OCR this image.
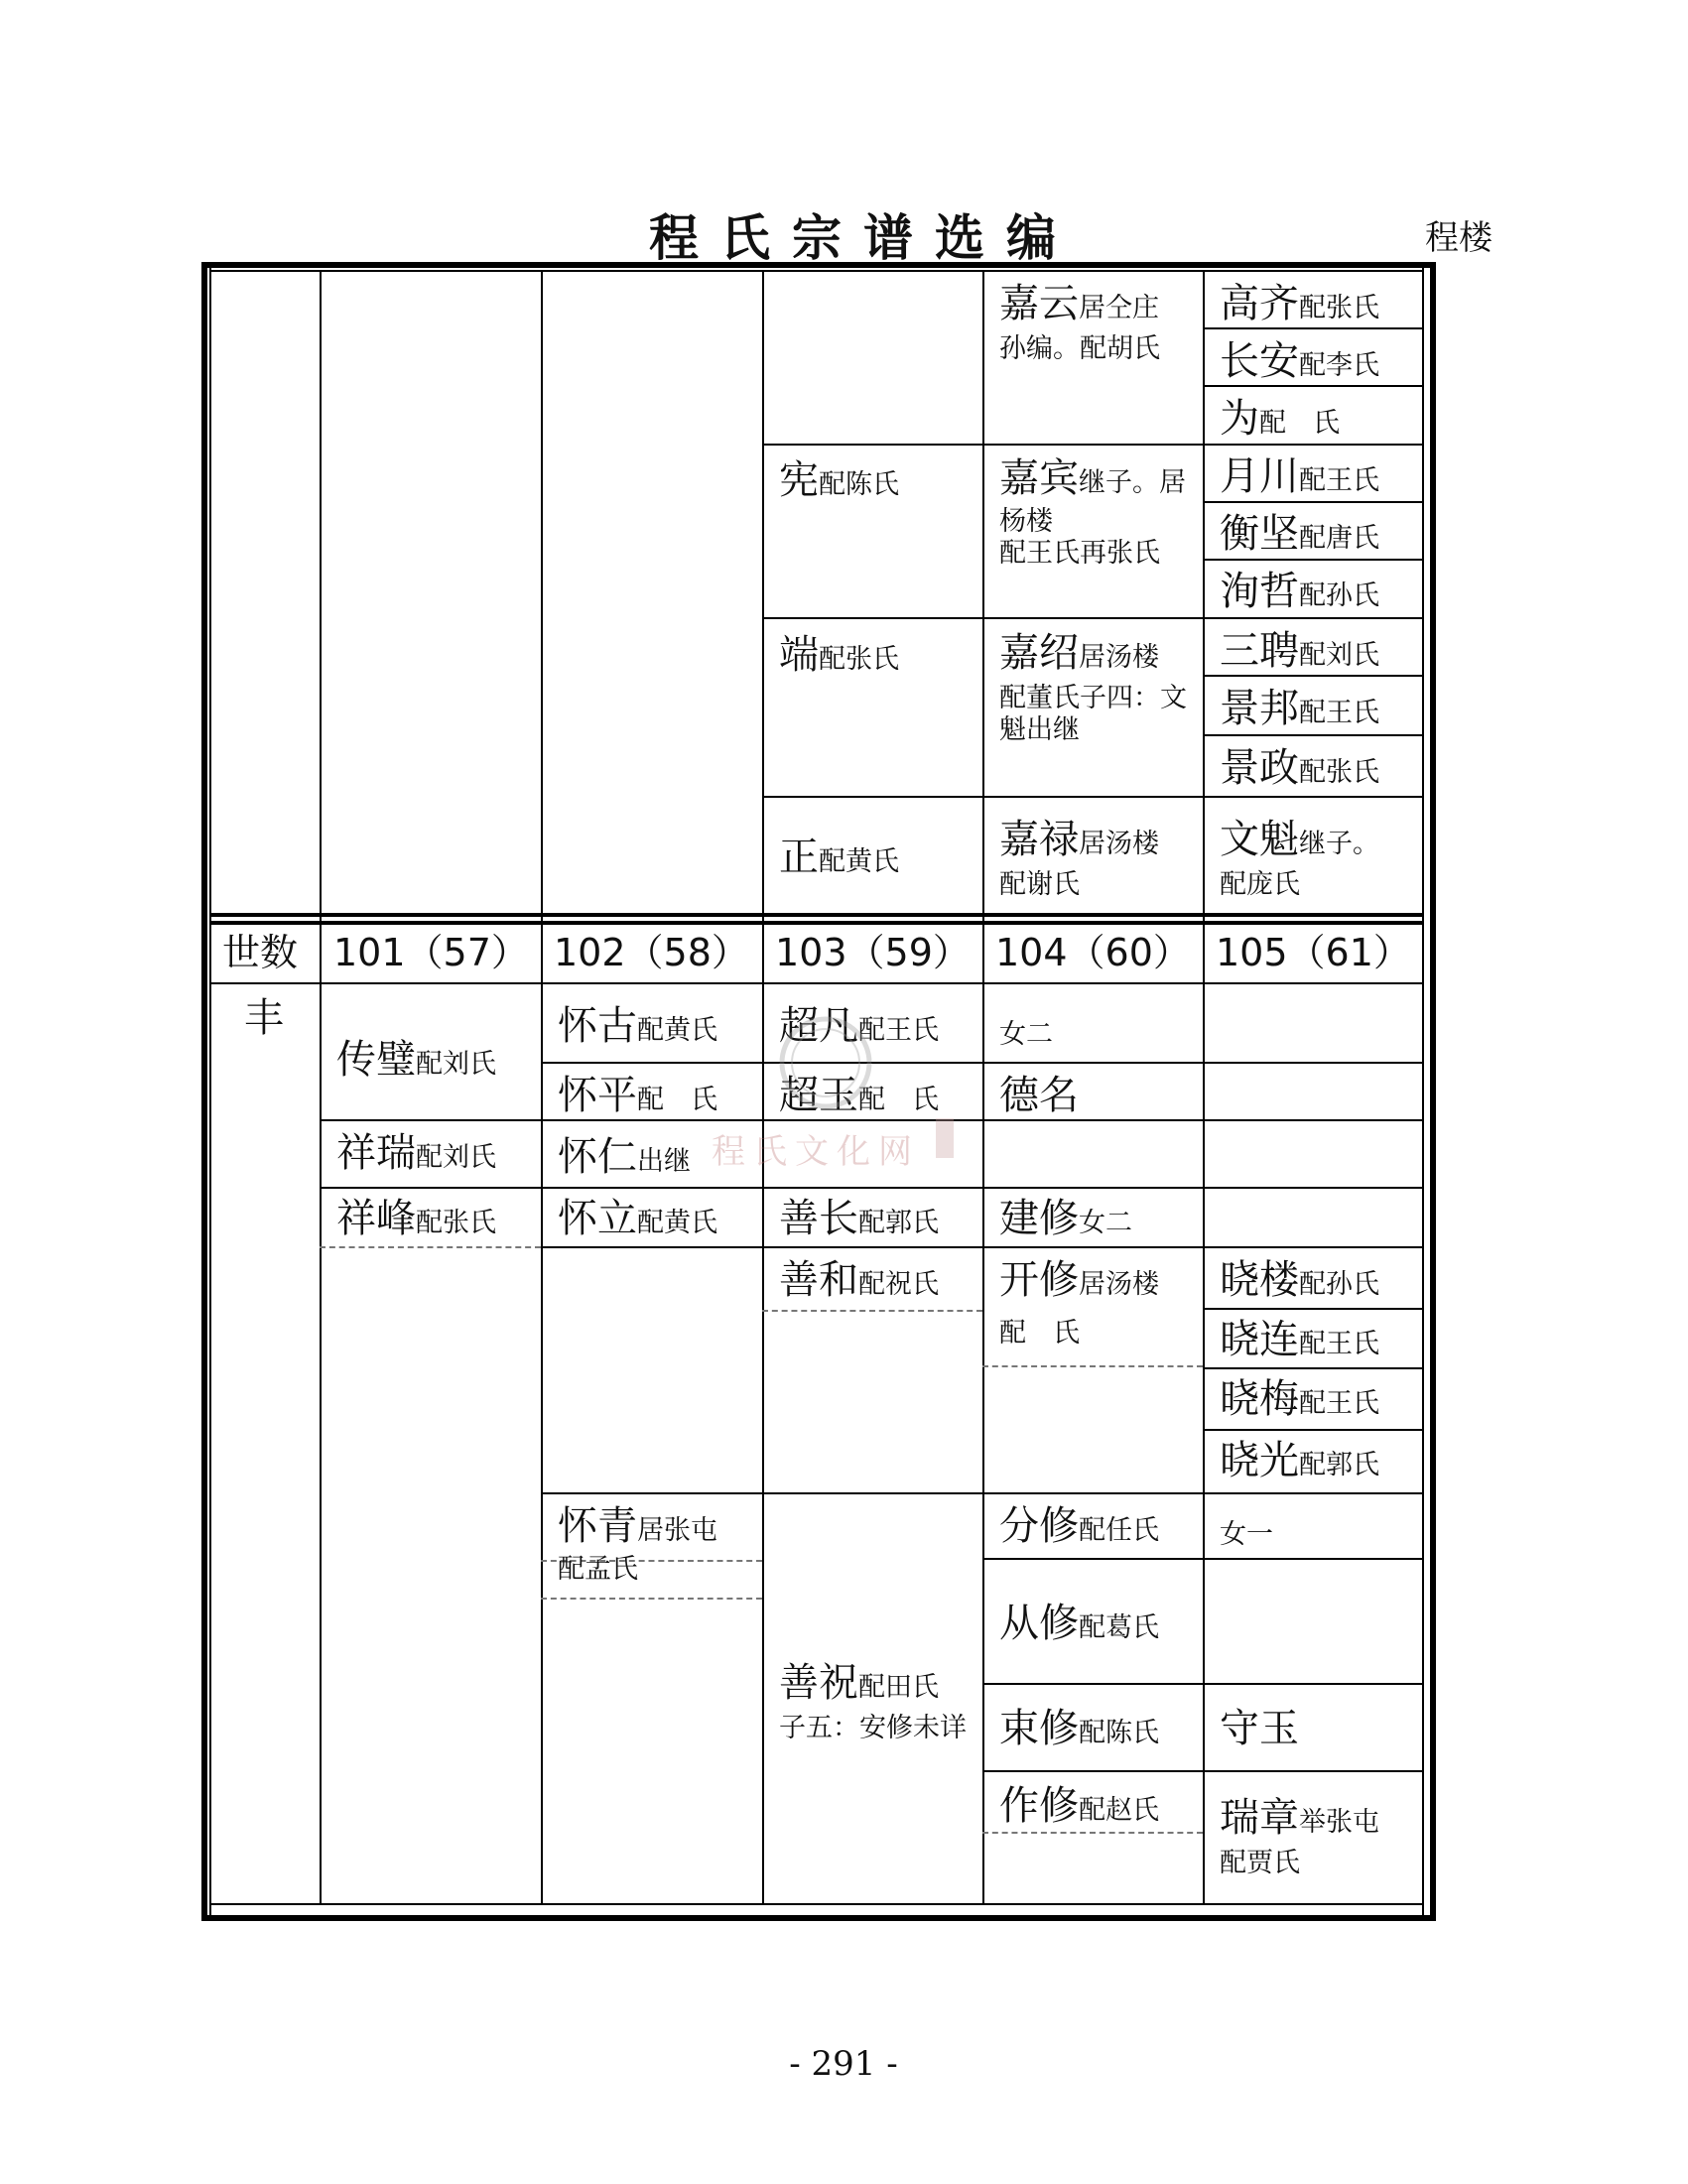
程氏宗谱选编	程楼
宪配陈氏
端配张氏
正配黄氏
嘉云居仝庄
孙编。配胡氏
嘉宾继子。居
杨楼
配王氏再张氏
嘉绍居汤楼
配董氏子四：文
魁出继
嘉禄居汤楼
配谢氏
高齐配张氏
长安配李氏
为配　氏
月川配王氏
衡坚配唐氏
洵哲配孙氏
三聘配刘氏
景邦配王氏
景政配张氏
文魁继子。
配庞氏
世数 101（57） 102（58） 103（59） 104（60） 105（61）
丰
传璧配刘氏
祥瑞配刘氏
祥峰配张氏
怀古配黄氏
怀平配　氏
怀仁出继
怀立配黄氏
怀青居张屯
配孟氏
超凡配王氏
超玉配　氏
善长配郭氏
善和配祝氏
善祝配田氏
子五：安修未详
女二
德名
建修女二
开修居汤楼
配　氏
分修配任氏
从修配葛氏
束修配陈氏
作修配赵氏
晓楼配孙氏
晓连配王氏
晓梅配王氏
晓光配郭氏
女一
守玉
瑞章举张屯
配贾氏
程氏文化网
- 291 -
